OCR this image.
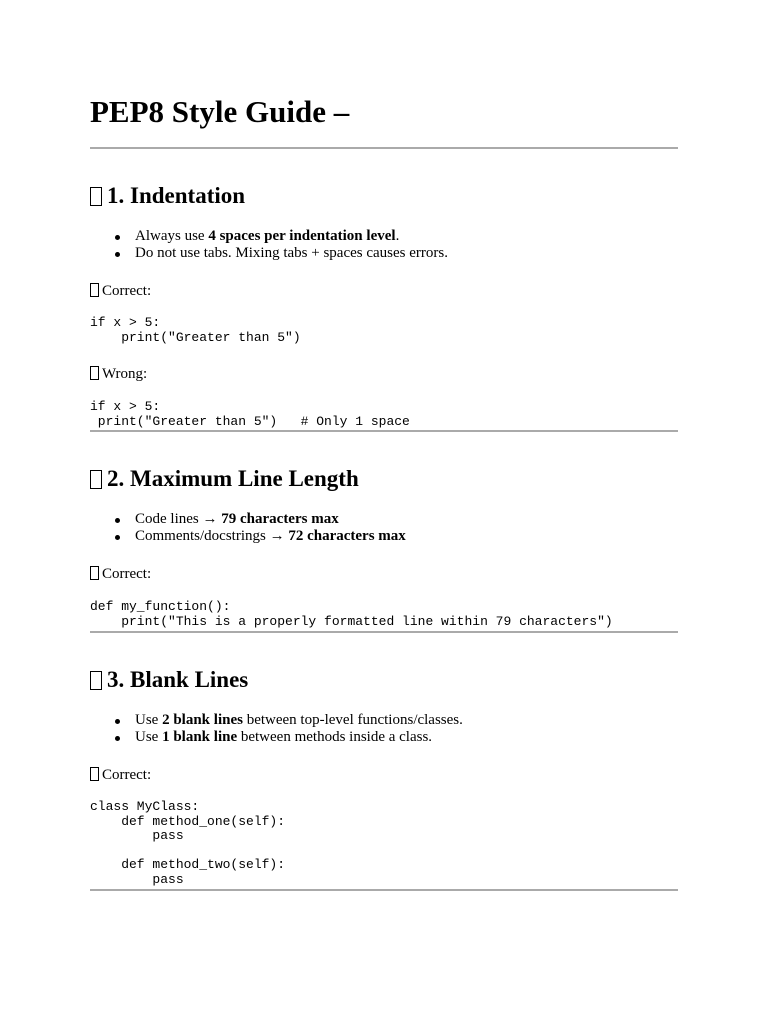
PEP8 Style Guide –
1. Indentation
Always use 4 spaces per indentation level.
Do not use tabs. Mixing tabs + spaces causes errors.
Correct:
if x > 5:
print("Greater than 5")
Wrong:
if x > 5:
print("Greater than 5")   # Only 1 space
2. Maximum Line Length
Code lines → 79 characters max
Comments/docstrings → 72 characters max
Correct:
def my_function():
print("This is a properly formatted line within 79 characters")
3. Blank Lines
Use 2 blank lines between top-level functions/classes.
Use 1 blank line between methods inside a class.
Correct:
class MyClass:
def method_one(self):
pass

def method_two(self):
pass
